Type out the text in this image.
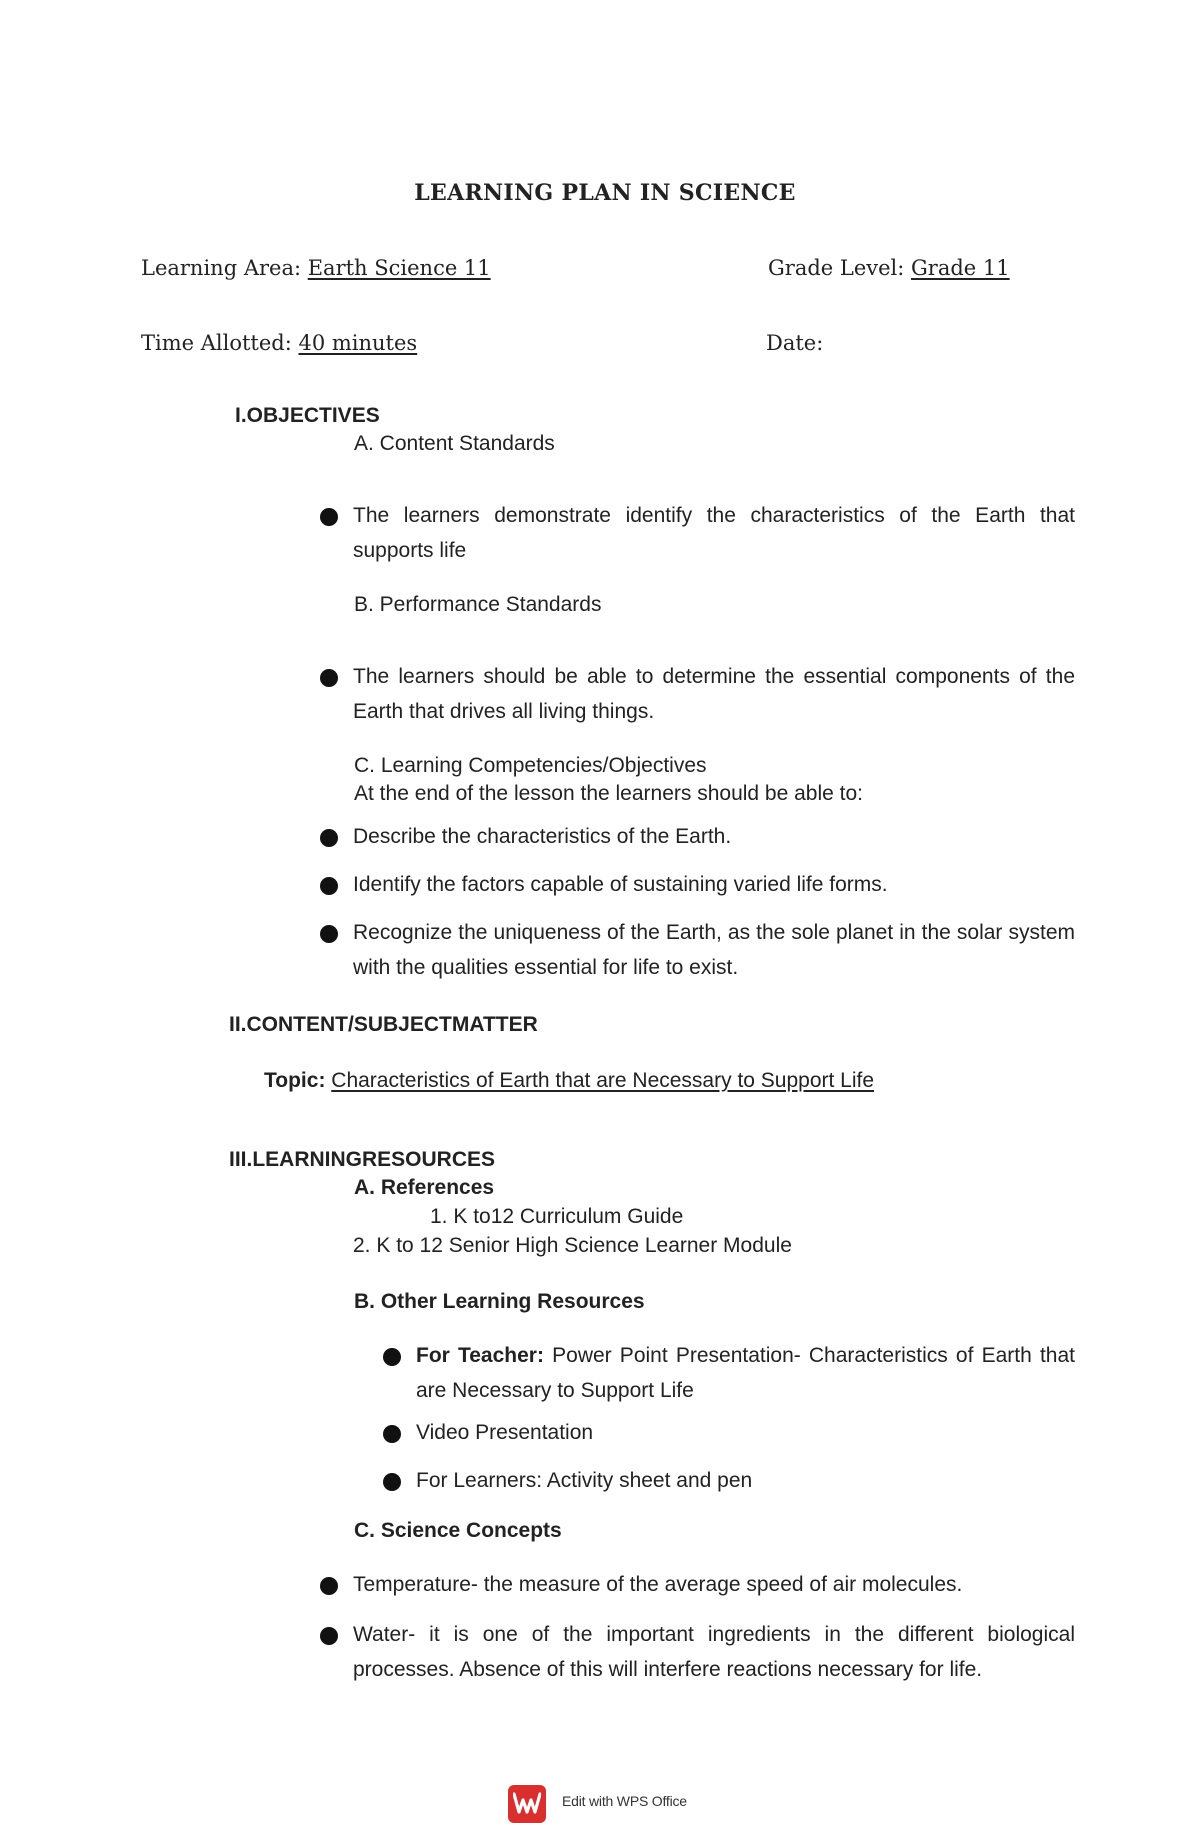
LEARNING PLAN IN SCIENCE
Learning Area: Earth Science 11	Grade Level: Grade 11
Time Allotted: 40 minutes	Date:
I.OBJECTIVES
A. Content Standards
The learners demonstrate identify the characteristics of the Earth that supports life
B. Performance Standards
The learners should be able to determine the essential components of the Earth that drives all living things.
C. Learning Competencies/Objectives
At the end of the lesson the learners should be able to:
Describe the characteristics of the Earth.
Identify the factors capable of sustaining varied life forms.
Recognize the uniqueness of the Earth, as the sole planet in the solar system with the qualities essential for life to exist.
II.CONTENT/SUBJECTMATTER
Topic: Characteristics of Earth that are Necessary to Support Life
III.LEARNINGRESOURCES
A. References
1. K to12 Curriculum Guide
2. K to 12 Senior High Science Learner Module
B. Other Learning Resources
For Teacher: Power Point Presentation- Characteristics of Earth that are Necessary to Support Life
Video Presentation
For Learners: Activity sheet and pen
C. Science Concepts
Temperature- the measure of the average speed of air molecules.
Water- it is one of the important ingredients in the different biological processes. Absence of this will interfere reactions necessary for life.
Edit with WPS Office
